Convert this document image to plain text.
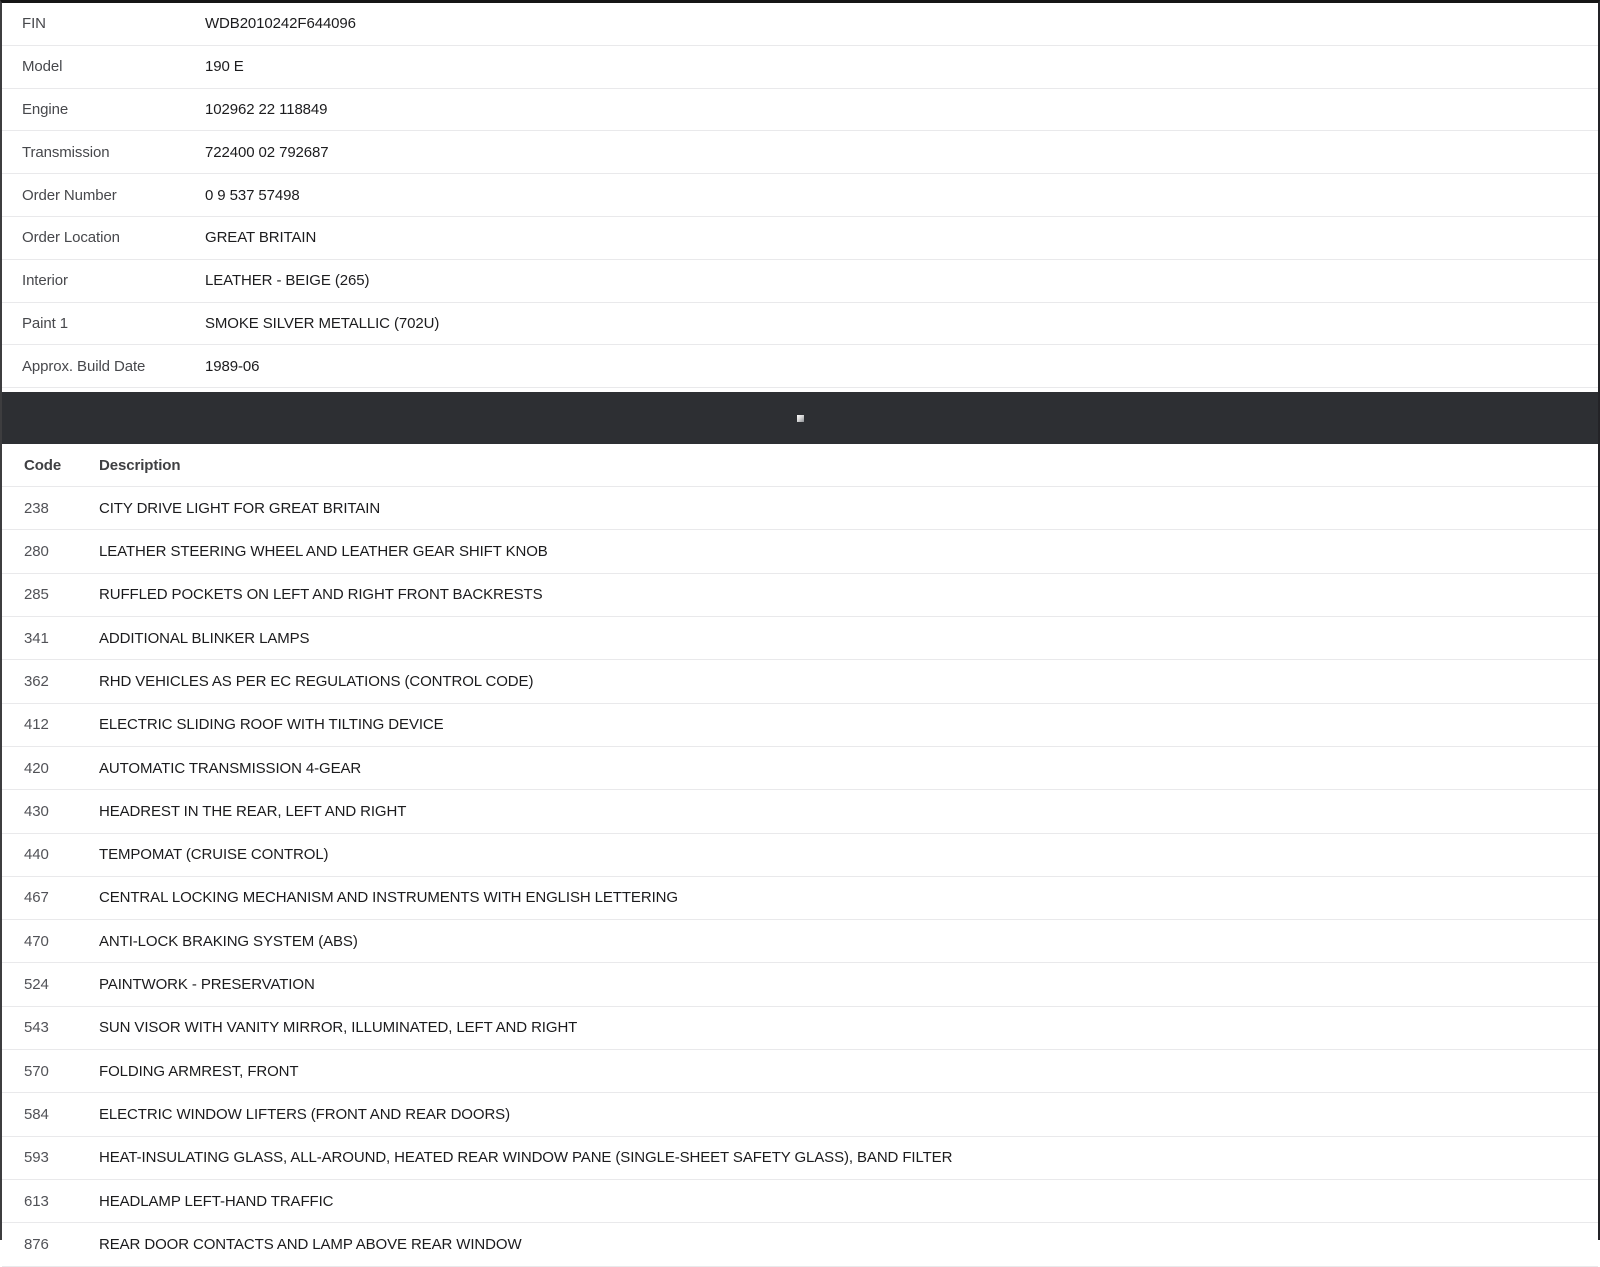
FIN	WDB2010242F644096
Model	190 E
Engine	102962 22 118849
Transmission	722400 02 792687
Order Number	0 9 537 57498
Order Location	GREAT BRITAIN
Interior	LEATHER - BEIGE (265)
Paint 1	SMOKE SILVER METALLIC (702U)
Approx. Build Date	1989-06
Code	Description
238	CITY DRIVE LIGHT FOR GREAT BRITAIN
280	LEATHER STEERING WHEEL AND LEATHER GEAR SHIFT KNOB
285	RUFFLED POCKETS ON LEFT AND RIGHT FRONT BACKRESTS
341	ADDITIONAL BLINKER LAMPS
362	RHD VEHICLES AS PER EC REGULATIONS (CONTROL CODE)
412	ELECTRIC SLIDING ROOF WITH TILTING DEVICE
420	AUTOMATIC TRANSMISSION 4-GEAR
430	HEADREST IN THE REAR, LEFT AND RIGHT
440	TEMPOMAT (CRUISE CONTROL)
467	CENTRAL LOCKING MECHANISM AND INSTRUMENTS WITH ENGLISH LETTERING
470	ANTI-LOCK BRAKING SYSTEM (ABS)
524	PAINTWORK - PRESERVATION
543	SUN VISOR WITH VANITY MIRROR, ILLUMINATED, LEFT AND RIGHT
570	FOLDING ARMREST, FRONT
584	ELECTRIC WINDOW LIFTERS (FRONT AND REAR DOORS)
593	HEAT-INSULATING GLASS, ALL-AROUND, HEATED REAR WINDOW PANE (SINGLE-SHEET SAFETY GLASS), BAND FILTER
613	HEADLAMP LEFT-HAND TRAFFIC
876	REAR DOOR CONTACTS AND LAMP ABOVE REAR WINDOW
